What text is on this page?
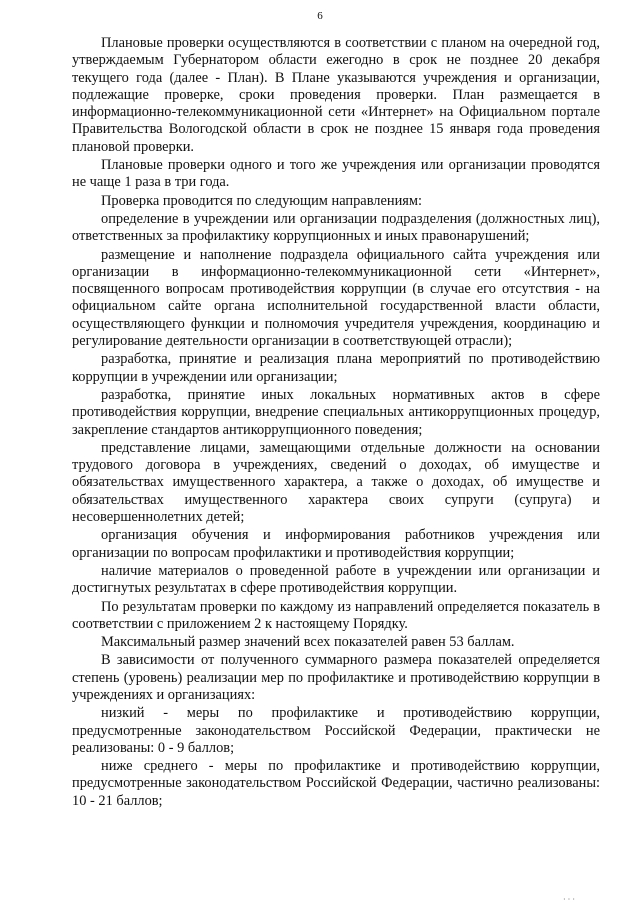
6

Плановые проверки осуществляются в соответствии с планом на очередной год, утверждаемым Губернатором области ежегодно в срок не позднее 20 декабря текущего года (далее - План). В Плане указываются учреждения и организации, подлежащие проверке, сроки проведения проверки. План размещается в информационно-телекоммуникационной сети «Интернет» на Официальном портале Правительства Вологодской области в срок не позднее 15 января года проведения плановой проверки.

Плановые проверки одного и того же учреждения или организации проводятся не чаще 1 раза в три года.

Проверка проводится по следующим направлениям:

определение в учреждении или организации подразделения (должностных лиц), ответственных за профилактику коррупционных и иных правонарушений;

размещение и наполнение подраздела официального сайта учреждения или организации в информационно-телекоммуникационной сети «Интернет», посвященного вопросам противодействия коррупции (в случае его отсутствия - на официальном сайте органа исполнительной государственной власти области, осуществляющего функции и полномочия учредителя учреждения, координацию и регулирование деятельности организации в соответствующей отрасли);

разработка, принятие и реализация плана мероприятий по противодействию коррупции в учреждении или организации;

разработка, принятие иных локальных нормативных актов в сфере противодействия коррупции, внедрение специальных антикоррупционных процедур, закрепление стандартов антикоррупционного поведения;

представление лицами, замещающими отдельные должности на основании трудового договора в учреждениях, сведений о доходах, об имуществе и обязательствах имущественного характера, а также о доходах, об имуществе и обязательствах имущественного характера своих супруги (супруга) и несовершеннолетних детей;

организация обучения и информирования работников учреждения или организации по вопросам профилактики и противодействия коррупции;

наличие материалов о проведенной работе в учреждении или организации и достигнутых результатах в сфере противодействия коррупции.

По результатам проверки по каждому из направлений определяется показатель в соответствии с приложением 2 к настоящему Порядку.

Максимальный размер значений всех показателей равен 53 баллам.

В зависимости от полученного суммарного размера показателей определяется степень (уровень) реализации мер по профилактике и противодействию коррупции в учреждениях и организациях:

низкий - меры по профилактике и противодействию коррупции, предусмотренные законодательством Российской Федерации, практически не реализованы: 0 - 9 баллов;

ниже среднего - меры по профилактике и противодействию коррупции, предусмотренные законодательством Российской Федерации, частично реализованы: 10 - 21 баллов;

· · ·
